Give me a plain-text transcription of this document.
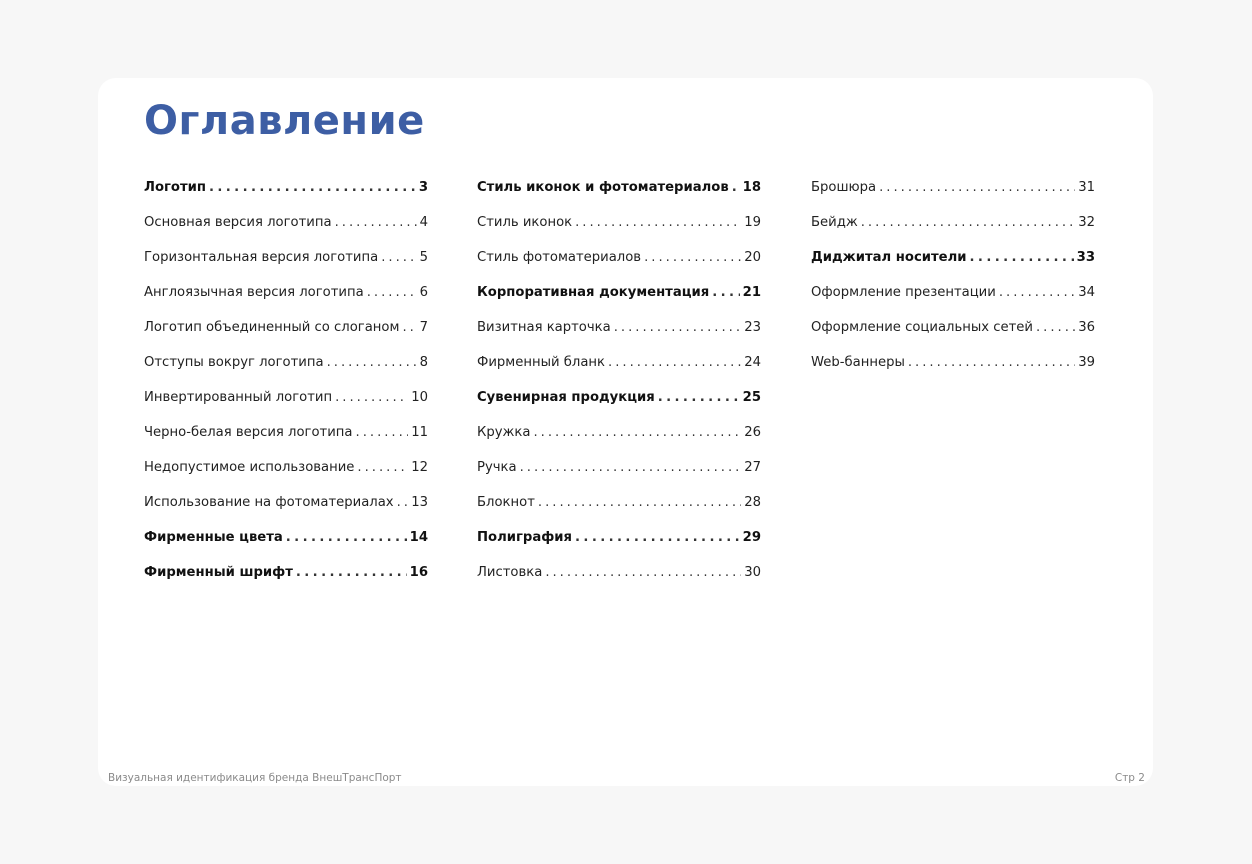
Оглавление
Логотип . . .	3
Основная версия логотипа . . .	4
Горизонтальная версия логотипа . . .	5
Англоязычная версия логотипа . . .	6
Логотип объединенный со слоганом . . . 7
Отступы вокруг логотипа . . .	8
Инвертированный логотип . . .	10
Черно-белая версия логотипа . . .	11
Недопустимое использование . . .	12
Использование на фотоматериалах . . . 13
Фирменные цвета . . .	14
Фирменный шрифт . . .	16
Стиль иконок и фотоматериалов . . . 18
Стиль иконок . . .	19
Стиль фотоматериалов . . .	20
Корпоративная документация . . .	21
Визитная карточка . . .	23
Фирменный бланк . . .	24
Сувенирная продукция . . .	25
Кружка . . .	26
Ручка . . .	27
Блокнот . . .	28
Полиграфия . . .	29
Листовка . . .	30
Брошюра . . .	31
Бейдж . . .	32
Диджитал носители . . .	33
Оформление презентации . . .	34
Оформление социальных сетей . . .	36
Web-баннеры . . .	39
Визуальная идентификация бренда ВнешТрансПорт	Стр 2
